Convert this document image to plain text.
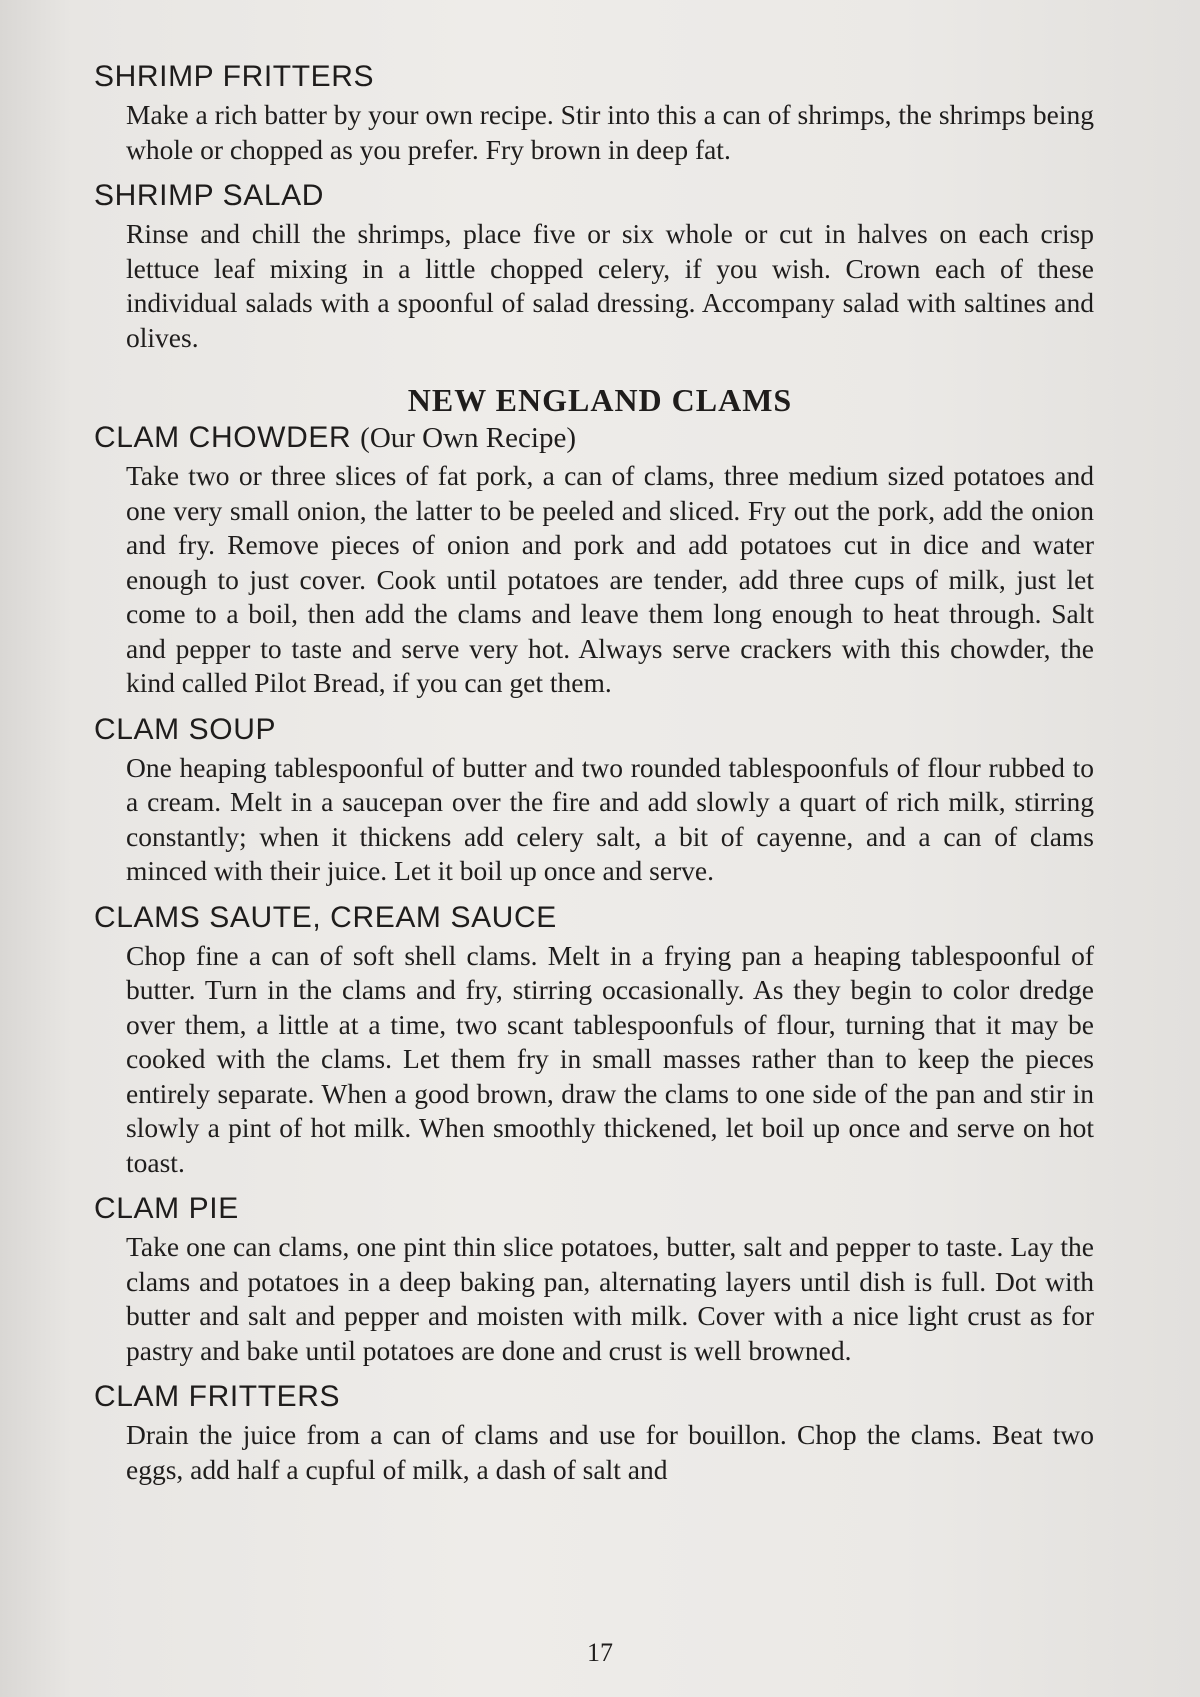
SHRIMP FRITTERS

Make a rich batter by your own recipe. Stir into this a can of shrimps, the shrimps being whole or chopped as you prefer. Fry brown in deep fat.

SHRIMP SALAD

Rinse and chill the shrimps, place five or six whole or cut in halves on each crisp lettuce leaf mixing in a little chopped celery, if you wish. Crown each of these individual salads with a spoonful of salad dressing. Accompany salad with saltines and olives.

NEW ENGLAND CLAMS
CLAM CHOWDER (Our Own Recipe)

Take two or three slices of fat pork, a can of clams, three medium sized potatoes and one very small onion, the latter to be peeled and sliced. Fry out the pork, add the onion and fry. Remove pieces of onion and pork and add potatoes cut in dice and water enough to just cover. Cook until potatoes are tender, add three cups of milk, just let come to a boil, then add the clams and leave them long enough to heat through. Salt and pepper to taste and serve very hot. Always serve crackers with this chowder, the kind called Pilot Bread, if you can get them.

CLAM SOUP

One heaping tablespoonful of butter and two rounded tablespoonfuls of flour rubbed to a cream. Melt in a saucepan over the fire and add slowly a quart of rich milk, stirring constantly; when it thickens add celery salt, a bit of cayenne, and a can of clams minced with their juice. Let it boil up once and serve.

CLAMS SAUTE, CREAM SAUCE

Chop fine a can of soft shell clams. Melt in a frying pan a heaping tablespoonful of butter. Turn in the clams and fry, stirring occasionally. As they begin to color dredge over them, a little at a time, two scant tablespoonfuls of flour, turning that it may be cooked with the clams. Let them fry in small masses rather than to keep the pieces entirely separate. When a good brown, draw the clams to one side of the pan and stir in slowly a pint of hot milk. When smoothly thickened, let boil up once and serve on hot toast.

CLAM PIE

Take one can clams, one pint thin slice potatoes, butter, salt and pepper to taste. Lay the clams and potatoes in a deep baking pan, alternating layers until dish is full. Dot with butter and salt and pepper and moisten with milk. Cover with a nice light crust as for pastry and bake until potatoes are done and crust is well browned.

CLAM FRITTERS

Drain the juice from a can of clams and use for bouillon. Chop the clams. Beat two eggs, add half a cupful of milk, a dash of salt and

17
